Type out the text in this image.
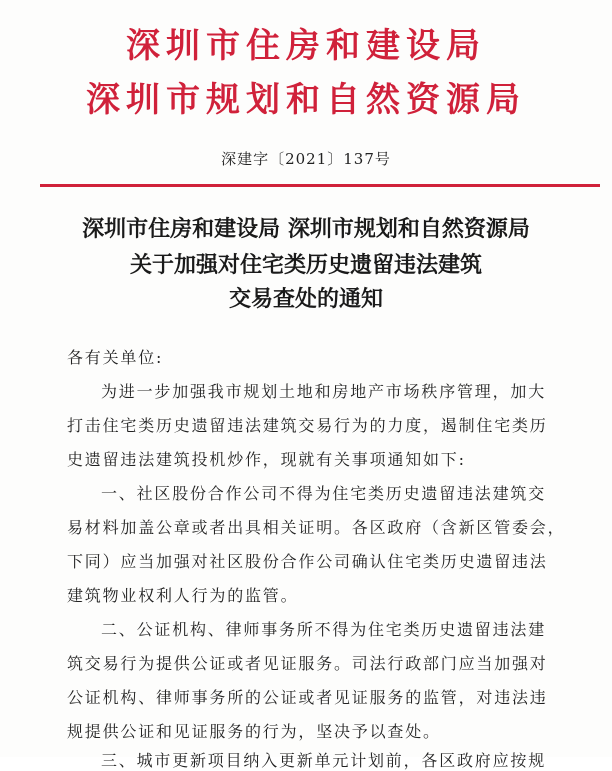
深圳市住房和建设局
深圳市规划和自然资源局
深建字〔2021〕137号
深圳市住房和建设局 深圳市规划和自然资源局
关于加强对住宅类历史遗留违法建筑
交易查处的通知
各有关单位:
为进一步加强我市规划土地和房地产市场秩序管理，加大
打击住宅类历史遗留违法建筑交易行为的力度，遏制住宅类历
史遗留违法建筑投机炒作，现就有关事项通知如下:
一、社区股份合作公司不得为住宅类历史遗留违法建筑交
易材料加盖公章或者出具相关证明。各区政府（含新区管委会，
下同）应当加强对社区股份合作公司确认住宅类历史遗留违法
建筑物业权利人行为的监管。
二、公证机构、律师事务所不得为住宅类历史遗留违法建
筑交易行为提供公证或者见证服务。司法行政部门应当加强对
公证机构、律师事务所的公证或者见证服务的监管，对违法违
规提供公证和见证服务的行为，坚决予以查处。
三、城市更新项目纳入更新单元计划前，各区政府应按规
